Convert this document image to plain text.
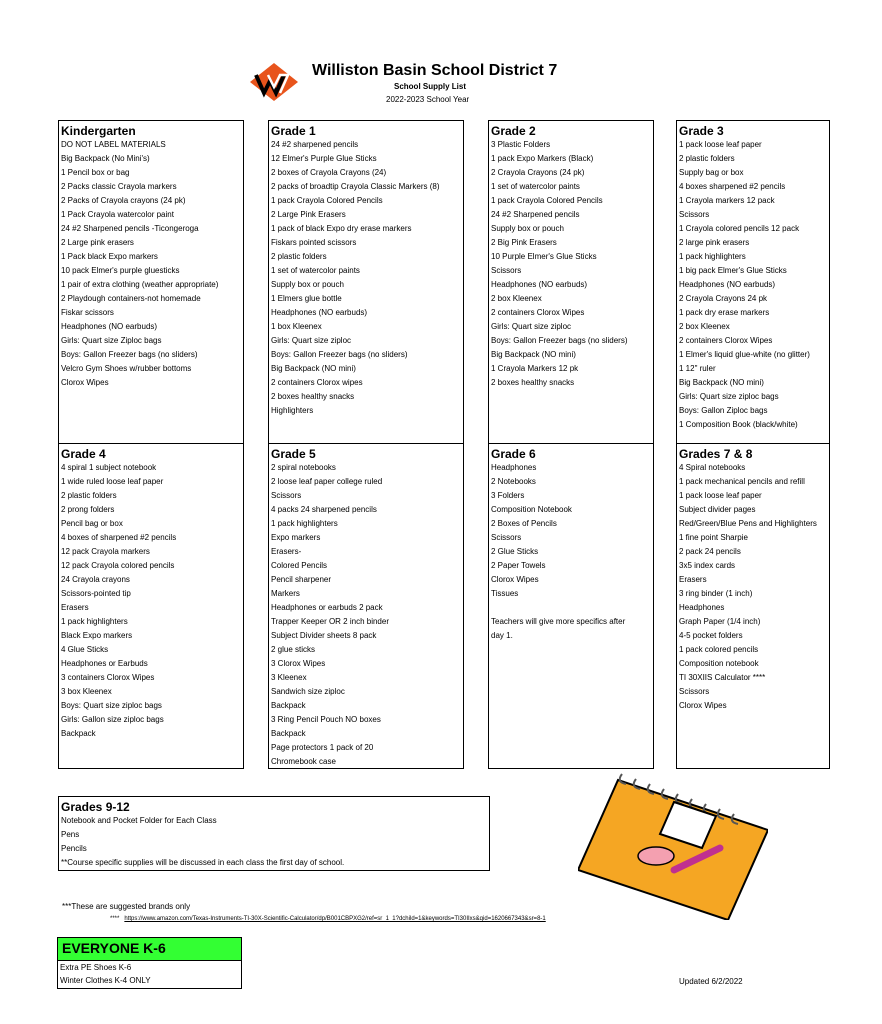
Williston Basin School District 7
School Supply List
2022-2023 School Year
Kindergarten
DO NOT LABEL MATERIALS
Big Backpack (No Mini's)
1 Pencil box or bag
2 Packs classic Crayola markers
2 Packs of Crayola crayons (24 pk)
1 Pack Crayola watercolor paint
24 #2 Sharpened pencils -Ticongeroga
2 Large pink erasers
1 Pack black Expo markers
10 pack Elmer's purple gluesticks
1 pair of extra clothing (weather appropriate)
2 Playdough containers-not homemade
Fiskar scissors
Headphones (NO earbuds)
Girls: Quart size Ziploc bags
Boys: Gallon Freezer bags (no sliders)
Velcro Gym Shoes w/rubber bottoms
Clorox Wipes
Grade 1
24 #2 sharpened pencils
12 Elmer's Purple Glue Sticks
2 boxes of Crayola Crayons (24)
2 packs of broadtip Crayola Classic Markers (8)
1 pack Crayola Colored Pencils
2 Large Pink Erasers
1 pack of black Expo dry erase markers
Fiskars pointed scissors
2 plastic folders
1 set of watercolor paints
Supply box or pouch
1 Elmers glue bottle
Headphones (NO earbuds)
1 box Kleenex
Girls: Quart size ziploc
Boys: Gallon Freezer bags (no sliders)
Big Backpack (NO mini)
2 containers Clorox wipes
2 boxes healthy snacks
Highlighters
Grade 2
3 Plastic Folders
1 pack Expo Markers (Black)
2 Crayola Crayons (24 pk)
1 set of watercolor paints
1 pack Crayola Colored Pencils
24 #2 Sharpened pencils
Supply box or pouch
2 Big Pink Erasers
10 Purple Elmer's Glue Sticks
Scissors
Headphones (NO earbuds)
2 box Kleenex
2 containers Clorox Wipes
Girls: Quart size ziploc
Boys: Gallon Freezer bags (no sliders)
Big Backpack (NO mini)
1 Crayola Markers 12 pk
2 boxes healthy snacks
Grade 3
1 pack loose leaf paper
2 plastic folders
Supply bag or box
4 boxes sharpened #2 pencils
1 Crayola markers 12 pack
Scissors
1 Crayola colored pencils 12 pack
2 large pink erasers
1 pack highlighters
1 big pack Elmer's Glue Sticks
Headphones (NO earbuds)
2 Crayola Crayons 24 pk
1 pack dry erase markers
2 box Kleenex
2 containers Clorox Wipes
1 Elmer's liquid glue-white (no glitter)
1 12" ruler
Big Backpack (NO mini)
Girls: Quart size ziploc bags
Boys: Gallon Ziploc bags
1 Composition Book (black/white)
Grade 4
4 spiral 1 subject notebook
1 wide ruled loose leaf paper
2 plastic folders
2 prong folders
Pencil bag or box
4 boxes of sharpened #2 pencils
12 pack Crayola markers
12 pack Crayola colored pencils
24 Crayola crayons
Scissors-pointed tip
Erasers
1 pack highlighters
Black Expo markers
4 Glue Sticks
Headphones or Earbuds
3 containers Clorox Wipes
3 box Kleenex
Boys: Quart size ziploc bags
Girls: Gallon size ziploc bags
Backpack
Grade 5
2 spiral notebooks
2 loose leaf paper college ruled
Scissors
4 packs 24 sharpened pencils
1 pack highlighters
Expo markers
Erasers-
Colored Pencils
Pencil sharpener
Markers
Headphones or earbuds 2 pack
Trapper Keeper OR 2 inch binder
Subject Divider sheets 8 pack
2 glue sticks
3 Clorox Wipes
3 Kleenex
Sandwich size ziploc
Backpack
3 Ring Pencil Pouch NO boxes
Backpack
Page protectors 1 pack of 20
Chromebook case
Grade 6
Headphones
2 Notebooks
3 Folders
Composition Notebook
2 Boxes of Pencils
Scissors
2 Glue Sticks
2 Paper Towels
Clorox Wipes
Tissues
Teachers will give more specifics after
day 1.
Grades 7 & 8
4 Spiral notebooks
1 pack mechanical pencils and refill
1 pack loose leaf paper
Subject divider pages
Red/Green/Blue Pens and Highlighters
1 fine point Sharpie
2 pack 24 pencils
3x5 index cards
Erasers
3 ring binder (1 inch)
Headphones
Graph Paper (1/4 inch)
4-5 pocket folders
1 pack colored pencils
Composition notebook
TI 30XIIS Calculator ****
Scissors
Clorox Wipes
Grades 9-12
Notebook and Pocket Folder for Each Class
Pens
Pencils
**Course specific supplies will be discussed in each class the first day of school.
***These are suggested brands only
**** https://www.amazon.com/Texas-Instruments-TI-30X-Scientific-Calculator/dp/B001CBPXG2/ref=sr_1_1?dchild=1&keywords=TI30IIxs&qid=1620667343&sr=8-1
EVERYONE K-6
Extra PE Shoes K-6
Winter Clothes K-4 ONLY	Updated 6/2/2022
